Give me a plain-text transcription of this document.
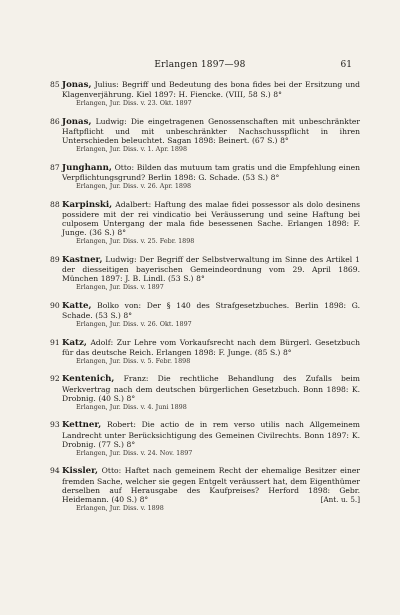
Erlangen 1897—98	61
85 Jonas, Julius: Begriff und Bedeutung des bona fides bei der Ersitzung und Klagenverjährung. Kiel 1897: H. Fiencke. (VIII, 58 S.) 8°
Erlangen, Jur. Diss. v. 23. Okt. 1897
86 Jonas, Ludwig: Die eingetragenen Genossenschaften mit unbeschränkter Haftpflicht und mit unbeschränkter Nachschusspflicht in ihren Unterschieden beleuchtet. Sagan 1898: Beinert. (67 S.) 8°
Erlangen, Jur. Diss. v. 1. Apr. 1898
87 Junghann, Otto: Bilden das mutuum tam gratis und die Empfehlung einen Verpflichtungsgrund? Berlin 1898: G. Schade. (53 S.) 8°
Erlangen, Jur. Diss. v. 26. Apr. 1898
88 Karpinski, Adalbert: Haftung des malae fidei possessor als dolo desinens possidere mit der rei vindicatio bei Veräusserung und seine Haftung bei culposem Untergang der mala fide besessenen Sache. Erlangen 1898: F. Junge. (36 S.) 8°
Erlangen, Jur. Diss. v. 25. Febr. 1898
89 Kastner, Ludwig: Der Begriff der Selbstverwaltung im Sinne des Artikel 1 der diesseitigen bayerischen Gemeindeordnung vom 29. April 1869. München 1897: J. B. Lindl. (53 S.) 8°
Erlangen, Jur. Diss. v. 1897
90 Katte, Bolko von: Der § 140 des Strafgesetzbuches. Berlin 1898: G. Schade. (53 S.) 8°
Erlangen, Jur. Diss. v. 26. Okt. 1897
91 Katz, Adolf: Zur Lehre vom Vorkaufsrecht nach dem Bürgerl. Gesetzbuch für das deutsche Reich. Erlangen 1898: F. Junge. (85 S.) 8°
Erlangen, Jur. Diss. v. 5. Febr. 1898
92 Kentenich, Franz: Die rechtliche Behandlung des Zufalls beim Werkvertrag nach dem deutschen bürgerlichen Gesetzbuch. Bonn 1898: K. Drobnig. (40 S.) 8°
Erlangen, Jur. Diss. v. 4. Juni 1898
93 Kettner, Robert: Die actio de in rem verso utilis nach Allgemeinem Landrecht unter Berücksichtigung des Gemeinen Civilrechts. Bonn 1897: K. Drobnig. (77 S.) 8°
Erlangen, Jur. Diss. v. 24. Nov. 1897
94 Kissler, Otto: Haftet nach gemeinem Recht der ehemalige Besitzer einer fremden Sache, welcher sie gegen Entgelt veräussert hat, dem Eigenthümer derselben auf Herausgabe des Kaufpreises? Herford 1898: Gebr. Heidemann. (40 S.) 8°	[Ant. u. 5.]
Erlangen, Jur. Diss. v. 1898
